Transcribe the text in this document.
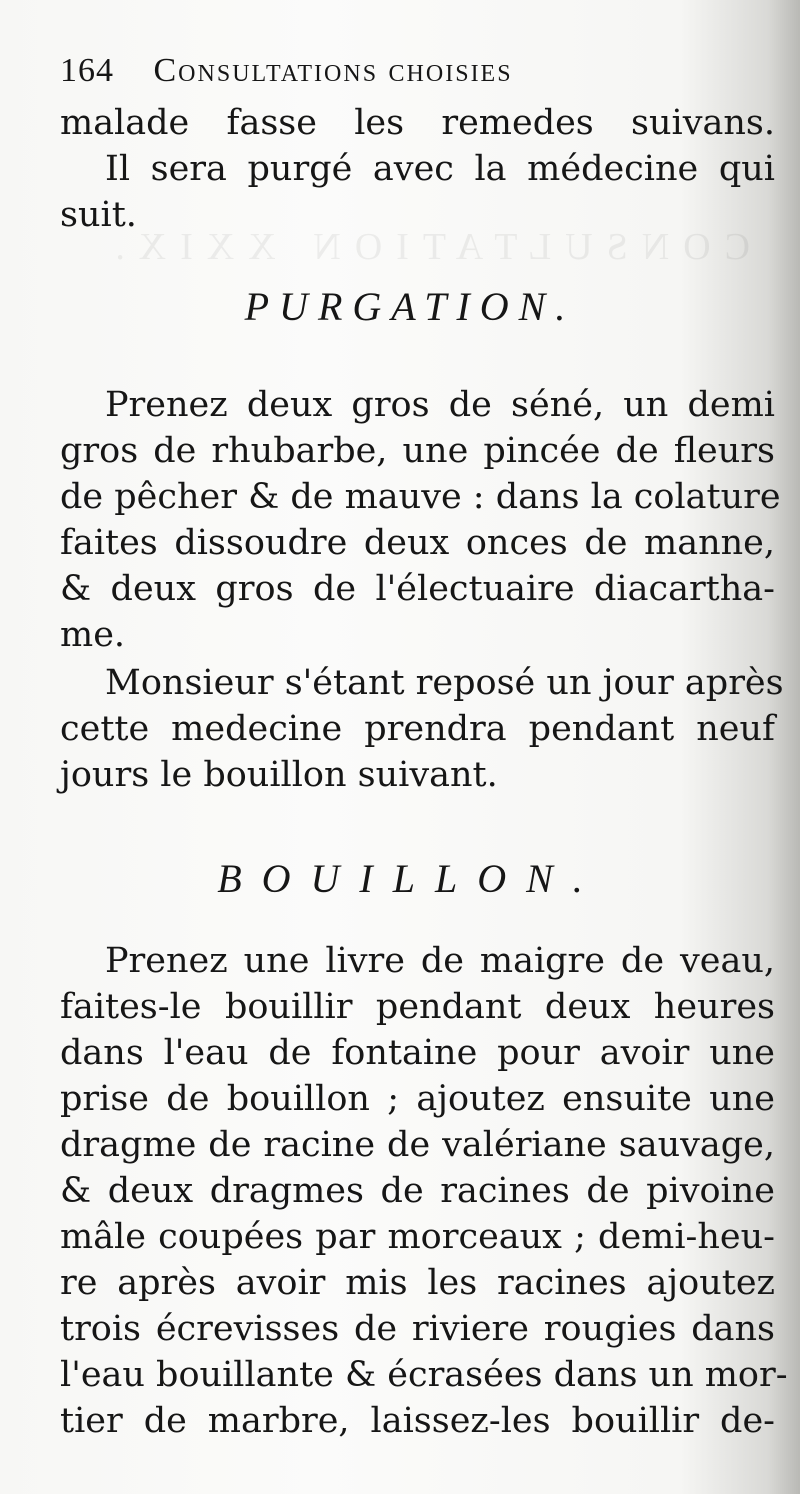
CONSULTATION XXIX.
164 Consultations choisies
malade fasse les remedes suivans.
Il sera purgé avec la médecine qui
suit.
PURGATION.
Prenez deux gros de séné, un demi
gros de rhubarbe, une pincée de fleurs
de pêcher & de mauve : dans la colature
faites dissoudre deux onces de manne,
& deux gros de l'électuaire diacartha-
me.
Monsieur s'étant reposé un jour après
cette medecine prendra pendant neuf
jours le bouillon suivant.
BOUILLON.
Prenez une livre de maigre de veau,
faites-le bouillir pendant deux heures
dans l'eau de fontaine pour avoir une
prise de bouillon ; ajoutez ensuite une
dragme de racine de valériane sauvage,
& deux dragmes de racines de pivoine
mâle coupées par morceaux ; demi-heu-
re après avoir mis les racines ajoutez
trois écrevisses de riviere rougies dans
l'eau bouillante & écrasées dans un mor-
tier de marbre, laissez-les bouillir de-
